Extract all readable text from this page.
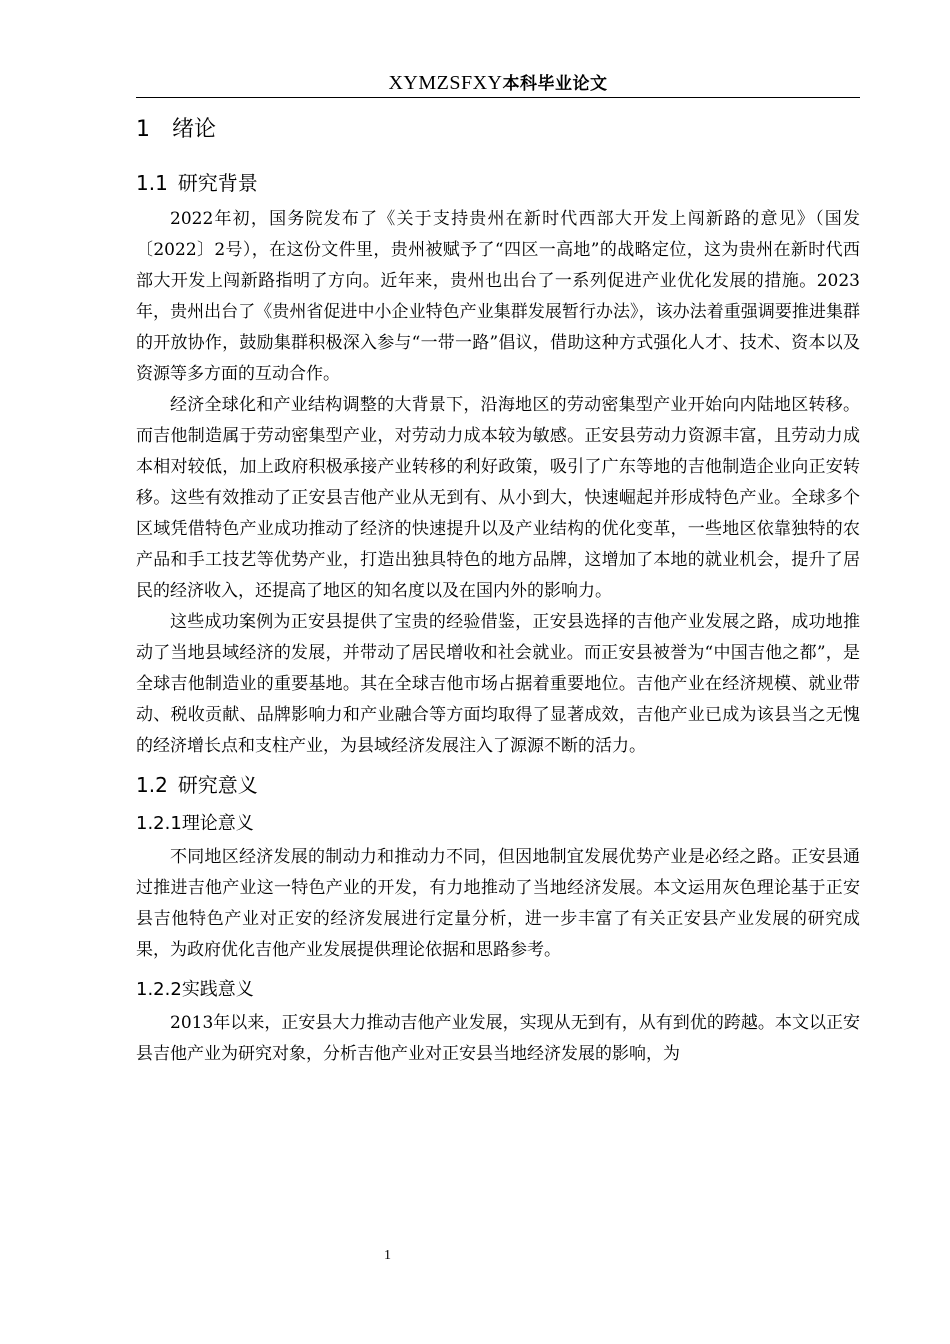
XYMZSFXY本科毕业论文
1	绪论
1.1 研究背景

2022年初，国务院发布了《关于支持贵州在新时代西部大开发上闯新路的意见》（国发〔2022〕2号），在这份文件里，贵州被赋予了“四区一高地”的战略定位，这为贵州在新时代西部大开发上闯新路指明了方向。近年来，贵州也出台了一系列促进产业优化发展的措施。2023年，贵州出台了《贵州省促进中小企业特色产业集群发展暂行办法》，该办法着重强调要推进集群的开放协作，鼓励集群积极深入参与“一带一路”倡议，借助这种方式强化人才、技术、资本以及资源等多方面的互动合作。

经济全球化和产业结构调整的大背景下，沿海地区的劳动密集型产业开始向内陆地区转移。而吉他制造属于劳动密集型产业，对劳动力成本较为敏感。正安县劳动力资源丰富，且劳动力成本相对较低，加上政府积极承接产业转移的利好政策，吸引了广东等地的吉他制造企业向正安转移。这些有效推动了正安县吉他产业从无到有、从小到大，快速崛起并形成特色产业。全球多个区域凭借特色产业成功推动了经济的快速提升以及产业结构的优化变革，一些地区依靠独特的农产品和手工技艺等优势产业，打造出独具特色的地方品牌，这增加了本地的就业机会，提升了居民的经济收入，还提高了地区的知名度以及在国内外的影响力。

这些成功案例为正安县提供了宝贵的经验借鉴，正安县选择的吉他产业发展之路，成功地推动了当地县域经济的发展，并带动了居民增收和社会就业。而正安县被誉为“中国吉他之都”，是全球吉他制造业的重要基地。其在全球吉他市场占据着重要地位。吉他产业在经济规模、就业带动、税收贡献、品牌影响力和产业融合等方面均取得了显著成效，吉他产业已成为该县当之无愧的经济增长点和支柱产业，为县域经济发展注入了源源不断的活力。

1.2 研究意义
1.2.1理论意义

不同地区经济发展的制动力和推动力不同，但因地制宜发展优势产业是必经之路。正安县通过推进吉他产业这一特色产业的开发，有力地推动了当地经济发展。本文运用灰色理论基于正安县吉他特色产业对正安的经济发展进行定量分析，进一步丰富了有关正安县产业发展的研究成果，为政府优化吉他产业发展提供理论依据和思路参考。

1.2.2实践意义

2013年以来，正安县大力推动吉他产业发展，实现从无到有，从有到优的跨越。本文以正安县吉他产业为研究对象，分析吉他产业对正安县当地经济发展的影响，为

1
